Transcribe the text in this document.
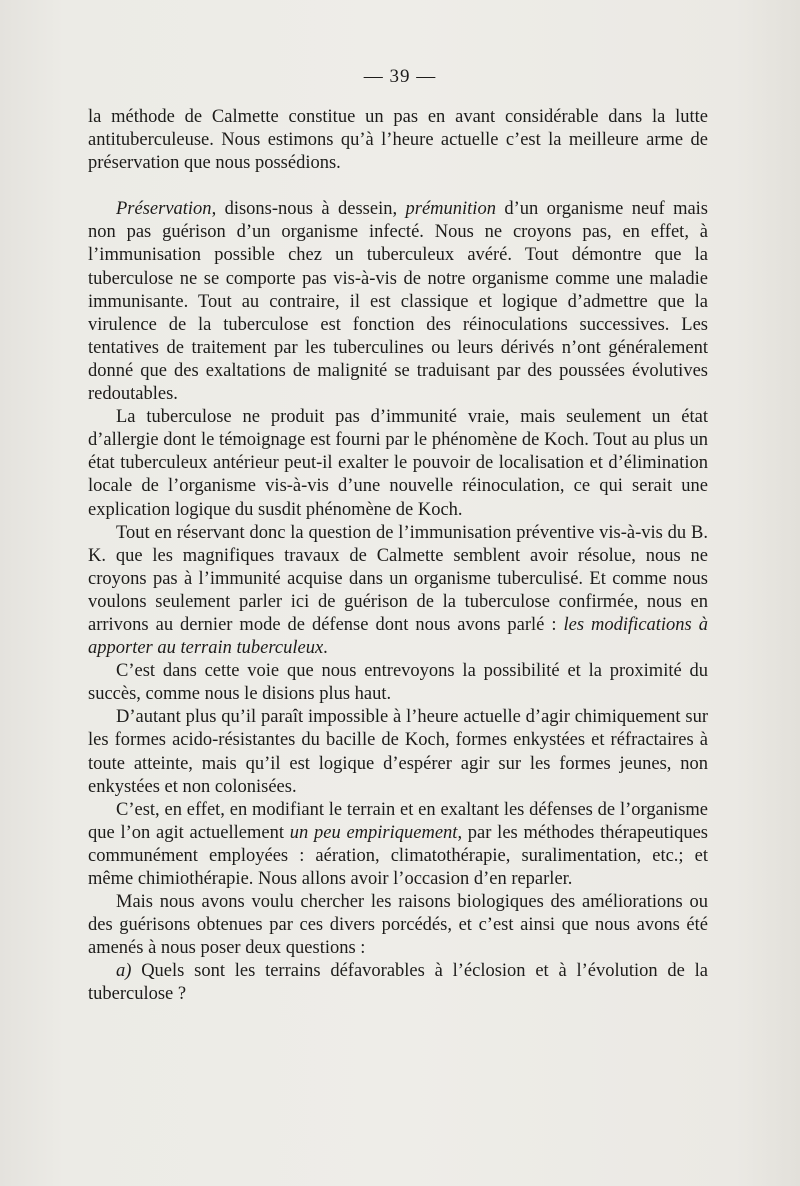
— 39 —

la méthode de Calmette constitue un pas en avant considérable dans la lutte antituberculeuse. Nous estimons qu’à l’heure actuelle c’est la meilleure arme de préservation que nous possédions.

Préservation, disons-nous à dessein, prémunition d’un organisme neuf mais non pas guérison d’un organisme infecté. Nous ne croyons pas, en effet, à l’immunisation possible chez un tuberculeux avéré. Tout démontre que la tuberculose ne se comporte pas vis-à-vis de notre organisme comme une maladie immunisante. Tout au contraire, il est classique et logique d’admettre que la virulence de la tuberculose est fonction des réinoculations successives. Les tentatives de traitement par les tuberculines ou leurs dérivés n’ont généralement donné que des exaltations de malignité se traduisant par des poussées évolutives redoutables.

La tuberculose ne produit pas d’immunité vraie, mais seulement un état d’allergie dont le témoignage est fourni par le phénomène de Koch. Tout au plus un état tuberculeux antérieur peut-il exalter le pouvoir de localisation et d’élimination locale de l’organisme vis-à-vis d’une nouvelle réinoculation, ce qui serait une explication logique du susdit phénomène de Koch.

Tout en réservant donc la question de l’immunisation préventive vis-à-vis du B. K. que les magnifiques travaux de Calmette semblent avoir résolue, nous ne croyons pas à l’immunité acquise dans un organisme tuberculisé. Et comme nous voulons seulement parler ici de guérison de la tuberculose confirmée, nous en arrivons au dernier mode de défense dont nous avons parlé : les modifications à apporter au terrain tuberculeux.

C’est dans cette voie que nous entrevoyons la possibilité et la proximité du succès, comme nous le disions plus haut.

D’autant plus qu’il paraît impossible à l’heure actuelle d’agir chimiquement sur les formes acido-résistantes du bacille de Koch, formes enkystées et réfractaires à toute atteinte, mais qu’il est logique d’espérer agir sur les formes jeunes, non enkystées et non colonisées.

C’est, en effet, en modifiant le terrain et en exaltant les défenses de l’organisme que l’on agit actuellement un peu empiriquement, par les méthodes thérapeutiques communément employées : aération, climatothérapie, suralimentation, etc.; et même chimiothérapie. Nous allons avoir l’occasion d’en reparler.

Mais nous avons voulu chercher les raisons biologiques des améliorations ou des guérisons obtenues par ces divers porcédés, et c’est ainsi que nous avons été amenés à nous poser deux questions :

a) Quels sont les terrains défavorables à l’éclosion et à l’évolution de la tuberculose ?
